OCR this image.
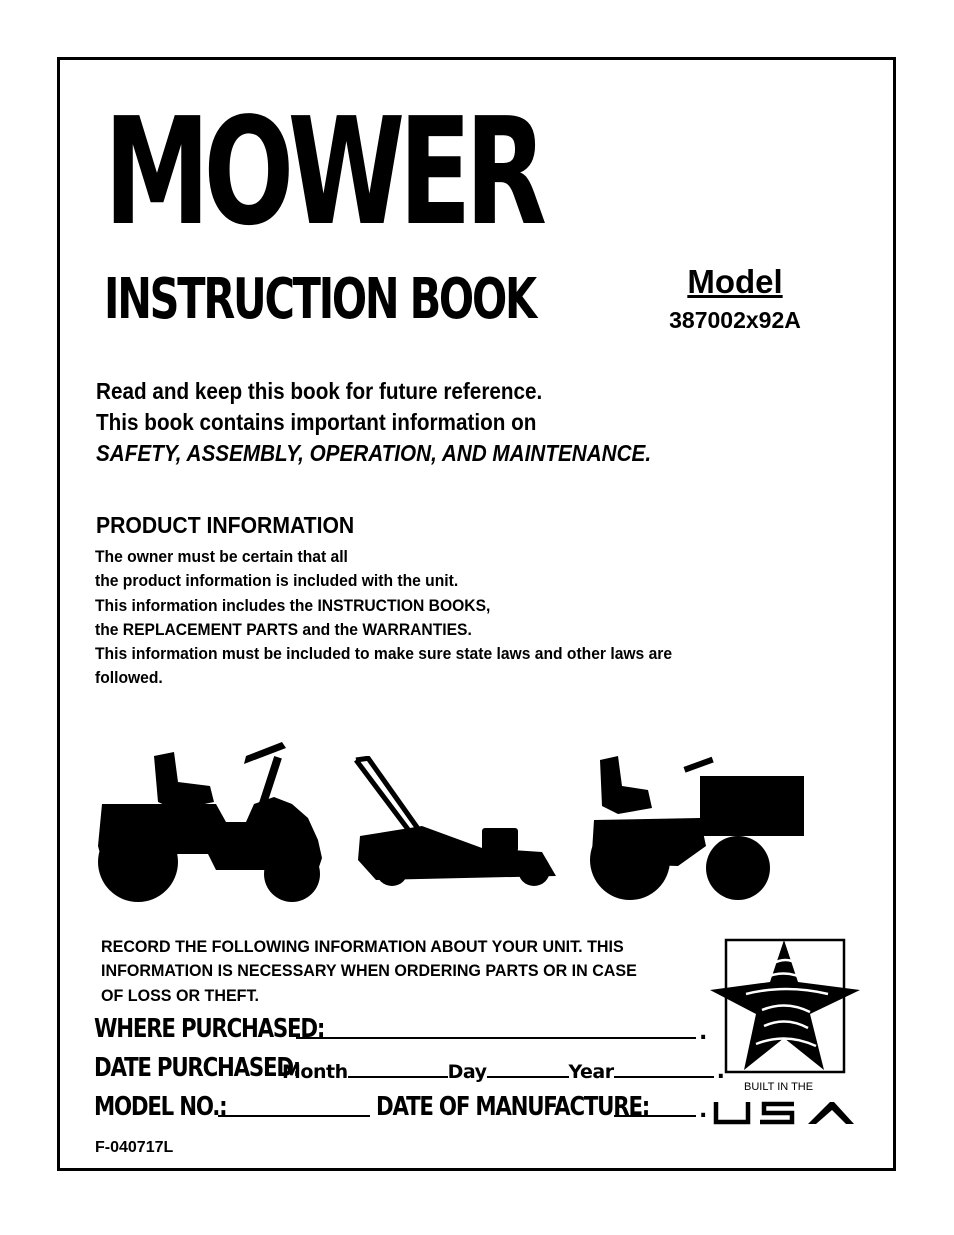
MOWER
INSTRUCTION BOOK	Model
387002x92A
Read and keep this book for future reference.
This book contains important information on
SAFETY, ASSEMBLY, OPERATION, AND MAINTENANCE.
PRODUCT INFORMATION
The owner must be certain that all
the product information is included with the unit.
This information includes the INSTRUCTION BOOKS,
the REPLACEMENT PARTS and the WARRANTIES.
This information must be included to make sure state laws and other laws are
followed.
RECORD THE FOLLOWING INFORMATION ABOUT YOUR UNIT. THIS
INFORMATION IS NECESSARY WHEN ORDERING PARTS OR IN CASE
OF LOSS OR THEFT.
WHERE PURCHASED:	.
DATE PURCHASED:
Month	Day	Year	.
MODEL NO.:	DATE OF MANUFACTURE: .
F-040717L
BUILT IN THE
